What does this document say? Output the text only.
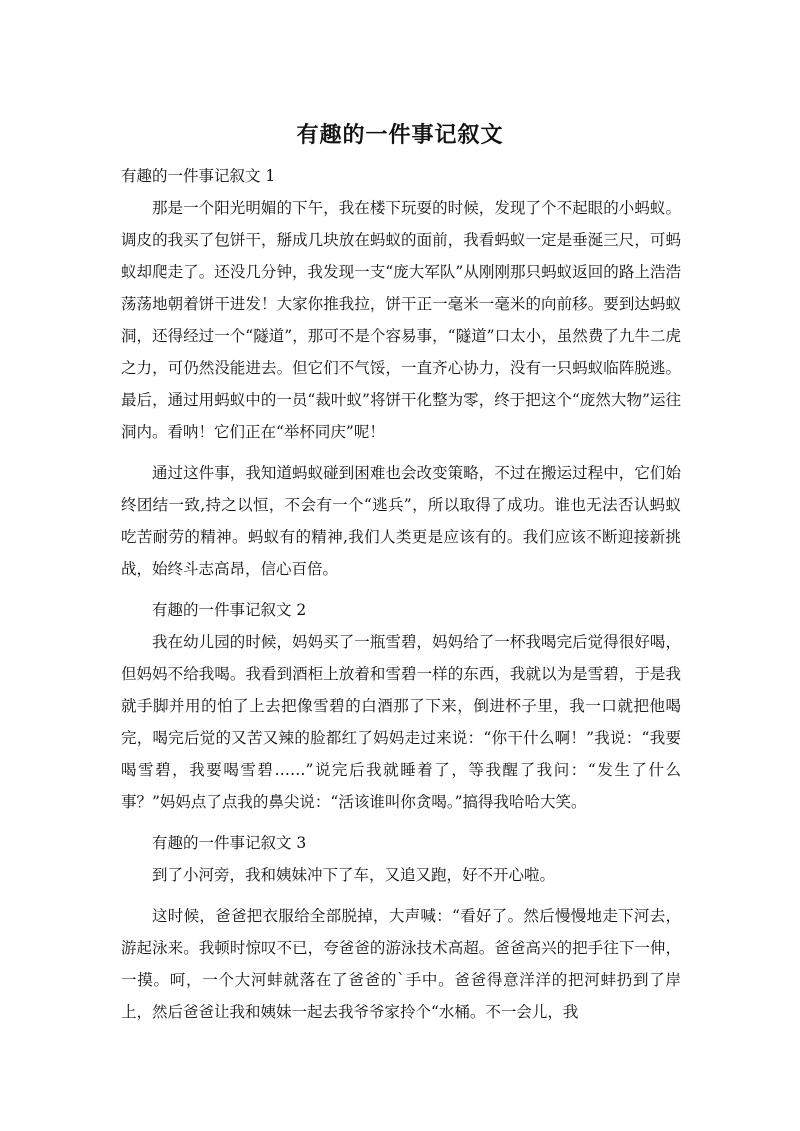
有趣的一件事记叙文

有趣的一件事记叙文 1

那是一个阳光明媚的下午，我在楼下玩耍的时候，发现了个不起眼的小蚂蚁。调皮的我买了包饼干，掰成几块放在蚂蚁的面前，我看蚂蚁一定是垂涎三尺，可蚂蚁却爬走了。还没几分钟，我发现一支“庞大军队”从刚刚那只蚂蚁返回的路上浩浩荡荡地朝着饼干进发！大家你推我拉，饼干正一毫米一毫米的向前移。要到达蚂蚁洞，还得经过一个“隧道”，那可不是个容易事，“隧道”口太小，虽然费了九牛二虎之力，可仍然没能进去。但它们不气馁，一直齐心协力，没有一只蚂蚁临阵脱逃。最后，通过用蚂蚁中的一员“裁叶蚁”将饼干化整为零，终于把这个“庞然大物”运往洞内。看呐！它们正在“举杯同庆”呢！

通过这件事，我知道蚂蚁碰到困难也会改变策略，不过在搬运过程中，它们始终团结一致,持之以恒，不会有一个“逃兵”，所以取得了成功。谁也无法否认蚂蚁吃苦耐劳的精神。蚂蚁有的精神,我们人类更是应该有的。我们应该不断迎接新挑战，始终斗志高昂，信心百倍。

有趣的一件事记叙文 2

我在幼儿园的时候，妈妈买了一瓶雪碧，妈妈给了一杯我喝完后觉得很好喝，但妈妈不给我喝。我看到酒柜上放着和雪碧一样的东西，我就以为是雪碧，于是我就手脚并用的怕了上去把像雪碧的白酒那了下来，倒进杯子里，我一口就把他喝完，喝完后觉的又苦又辣的脸都红了妈妈走过来说：“你干什么啊！”我说：“我要喝雪碧，我要喝雪碧……”说完后我就睡着了，等我醒了我问：“发生了什么事？”妈妈点了点我的鼻尖说：“活该谁叫你贪喝。”搞得我哈哈大笑。

有趣的一件事记叙文 3

到了小河旁，我和姨妹冲下了车，又追又跑，好不开心啦。

这时候，爸爸把衣服给全部脱掉，大声喊：“看好了。然后慢慢地走下河去，游起泳来。我顿时惊叹不已，夸爸爸的游泳技术高超。爸爸高兴的把手往下一伸，一摸。呵，一个大河蚌就落在了爸爸的`手中。爸爸得意洋洋的把河蚌扔到了岸上，然后爸爸让我和姨妹一起去我爷爷家拎个“水桶。不一会儿，我
